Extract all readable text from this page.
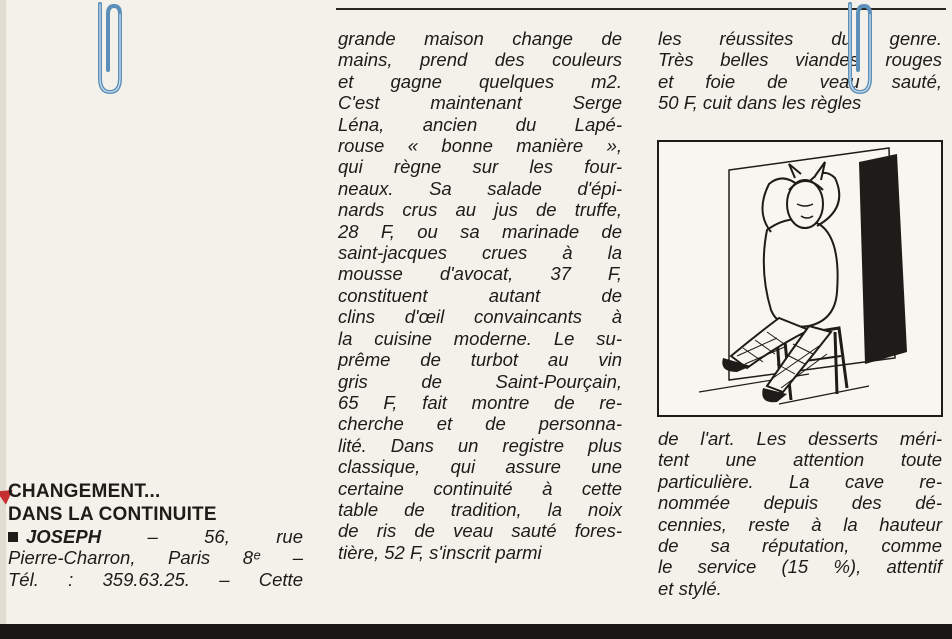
CHANGEMENT...
DANS LA CONTINUITE
JOSEPH – 56, rue
Pierre-Charron, Paris 8ᵉ –
Tél. : 359.63.25. – Cette
grande maison change de
mains, prend des couleurs
et gagne quelques m2.
C'est maintenant Serge
Léna, ancien du Lapé-
rouse « bonne manière »,
qui règne sur les four-
neaux. Sa salade d'épi-
nards crus au jus de truffe,
28 F, ou sa marinade de
saint-jacques crues à la
mousse d'avocat, 37 F,
constituent autant de
clins d'œil convaincants à
la cuisine moderne. Le su-
prême de turbot au vin
gris de Saint-Pourçain,
65 F, fait montre de re-
cherche et de personna-
lité. Dans un registre plus
classique, qui assure une
certaine continuité à cette
table de tradition, la noix
de ris de veau sauté fores-
tière, 52 F, s'inscrit parmi
les réussites du genre.
Très belles viandes rouges
et foie de veau sauté,
50 F, cuit dans les règles
de l'art. Les desserts méri-
tent une attention toute
particulière. La cave re-
nommée depuis des dé-
cennies, reste à la hauteur
de sa réputation, comme
le service (15 %), attentif
et stylé.
